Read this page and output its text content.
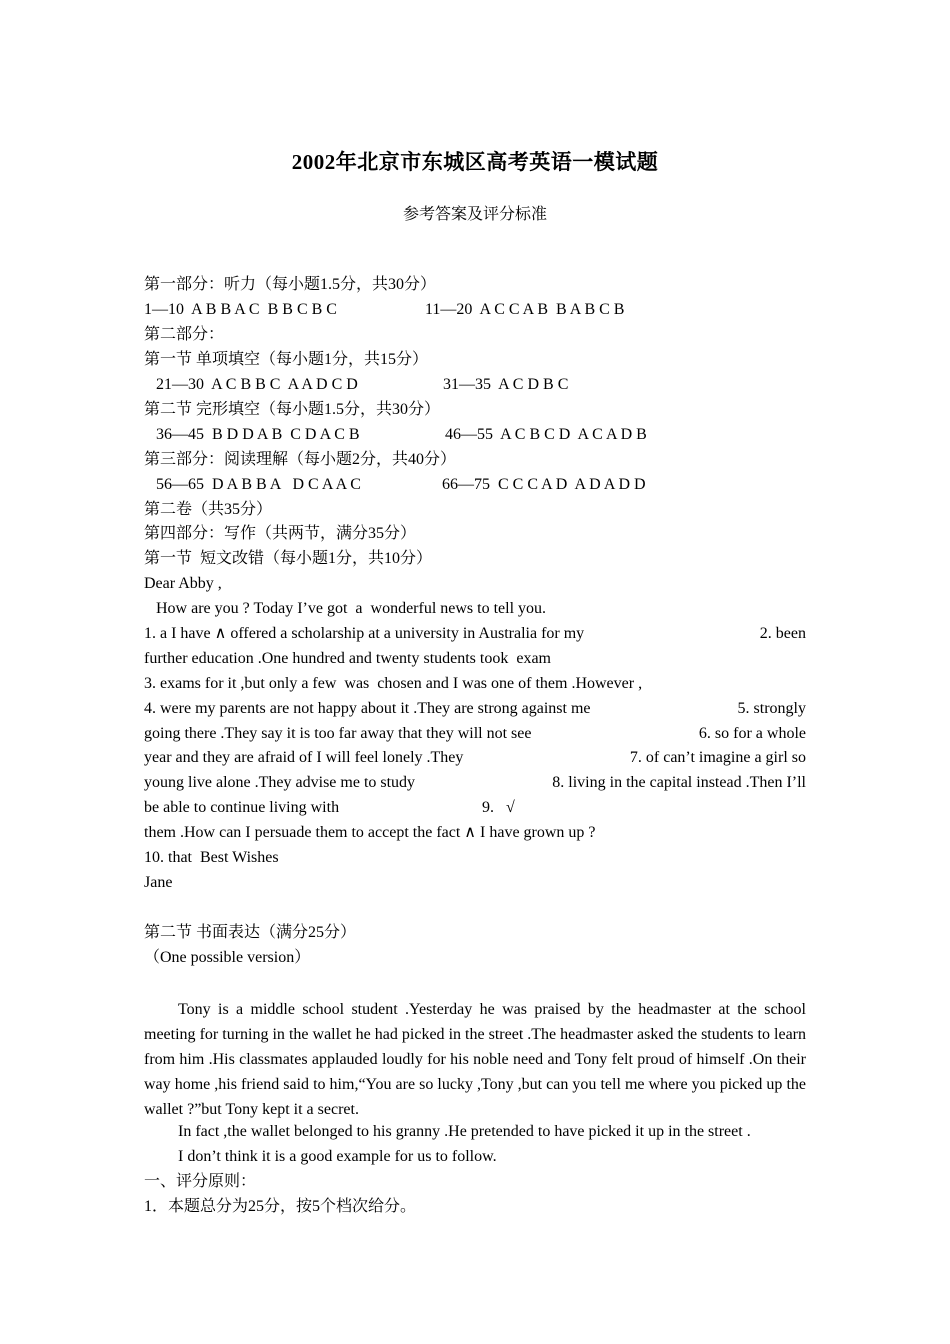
2002年北京市东城区高考英语一模试题
参考答案及评分标准
第一部分：听力（每小题1.5分，共30分）
1—10  A B B A C  B B C B C	11—20  A C C A B  B A B C B
第二部分：
第一节 单项填空（每小题1分，共15分）
21—30  A C B B C  A A D C D	31—35  A C D B C
第二节 完形填空（每小题1.5分，共30分）
36—45  B D D A B  C D A C B	46—55  A C B C D  A C A D B
第三部分：阅读理解（每小题2分，共40分）
56—65  D A B B A   D C A A C	66—75  C C C A D  A D A D D
第二卷（共35分）
第四部分：写作（共两节，满分35分）
第一节  短文改错（每小题1分，共10分）
Dear Abby ,
How are you ? Today I’ve got  a  wonderful news to tell you.
1. a I have ∧ offered a scholarship at a university in Australia for my	2. been
further education .One hundred and twenty students took  exam
3. exams for it ,but only a few  was  chosen and I was one of them .However ,
4. were my parents are not happy about it .They are strong against me	5. strongly
going there .They say it is too far away that they will not see	6. so for a whole
year and they are afraid of I will feel lonely .They	7. of can’t imagine a girl so
young live alone .They advise me to study	8. living in the capital instead .Then I’ll
be able to continue living with	9.   √
them .How can I persuade them to accept the fact ∧ I have grown up ?
10. that  Best Wishes
Jane
第二节 书面表达（满分25分）
（One possible version）
Tony is a middle school student .Yesterday he was praised by the headmaster at the school meeting for turning in the wallet he had picked in the street .The headmaster asked the students to learn from him .His classmates applauded loudly for his noble need and Tony felt proud of himself .On their way home ,his friend said to him,“You are so lucky ,Tony ,but can you tell me where you picked up the wallet ?”but Tony kept it a secret.
In fact ,the wallet belonged to his granny .He pretended to have picked it up in the street .
I don’t think it is a good example for us to follow.
一、评分原则：
1．本题总分为25分，按5个档次给分。
